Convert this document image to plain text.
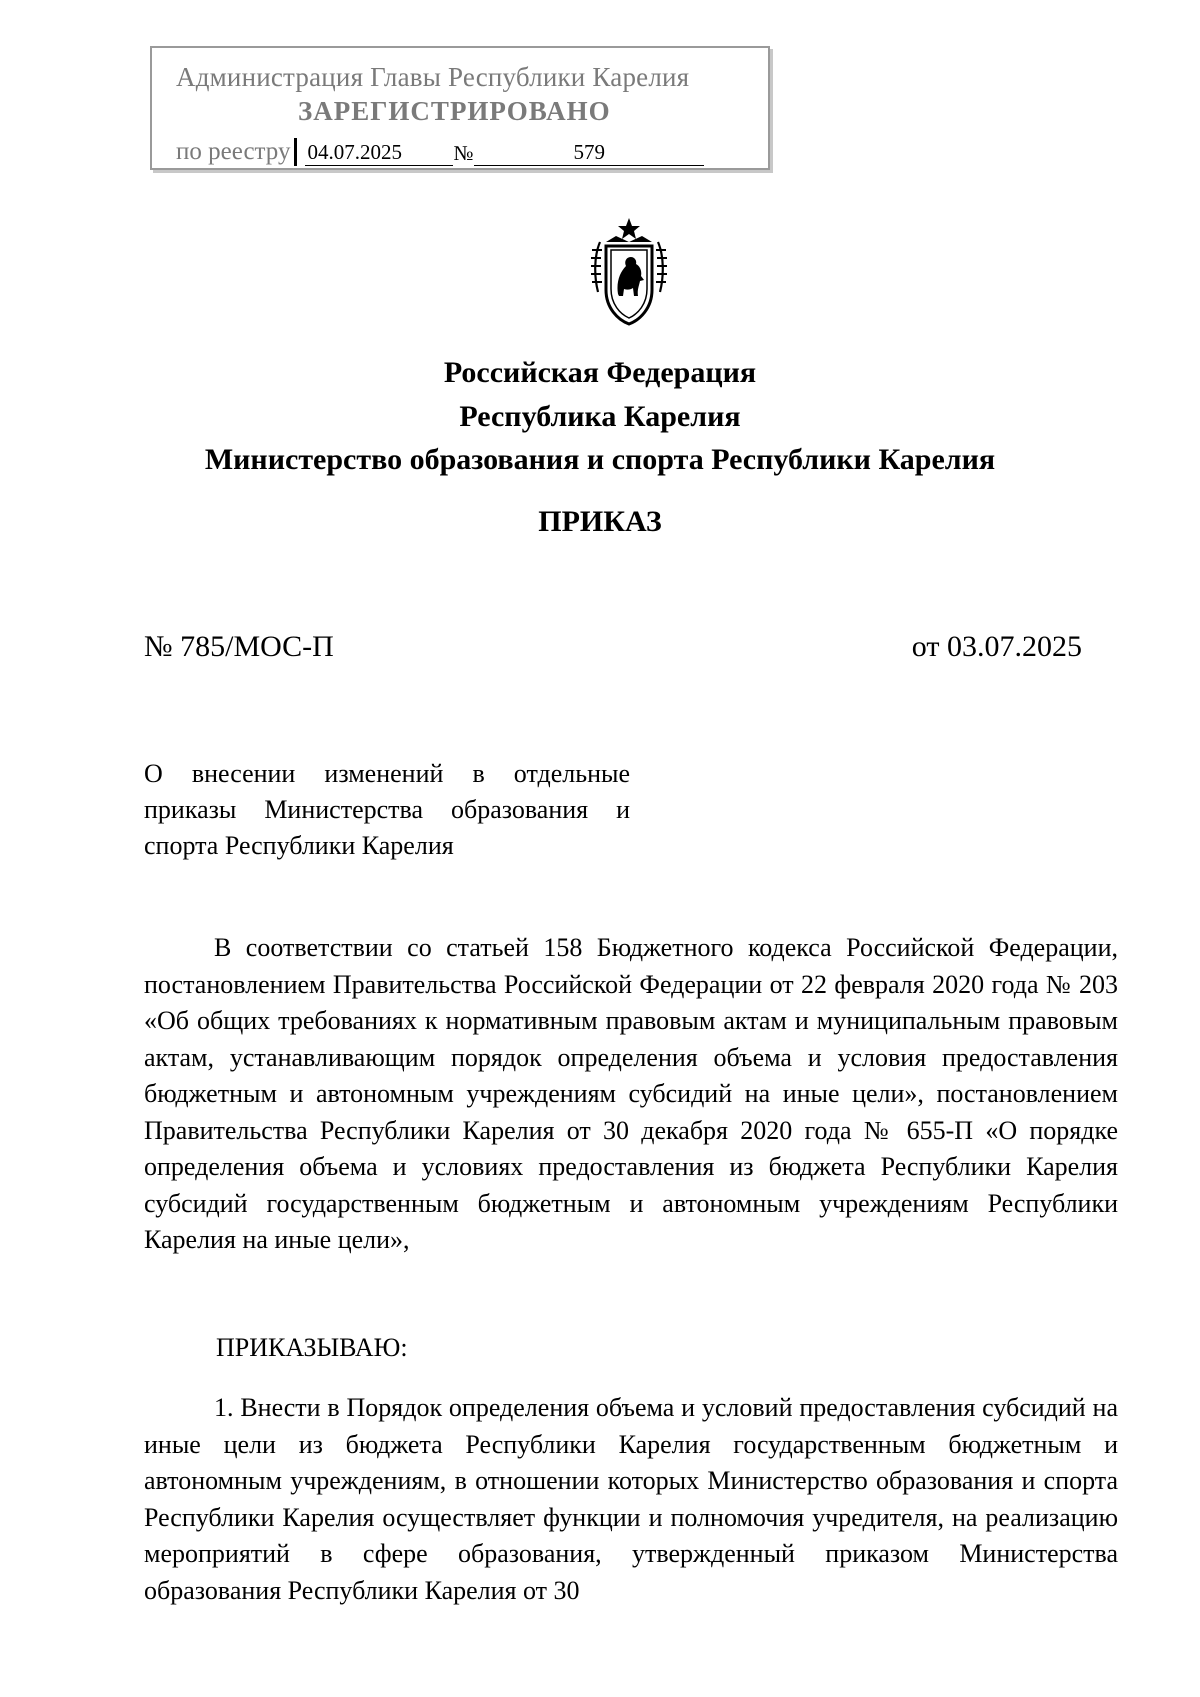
Администрация Главы Республики Карелия
ЗАРЕГИСТРИРОВАНО
по реестру 04.07.2025	№	579
Российская Федерация
Республика Карелия
Министерство образования и спорта Республики Карелия
ПРИКАЗ
№ 785/МОС-П	от 03.07.2025
О внесении изменений в отдельные приказы Министерства образования и спорта Республики Карелия
В соответствии со статьей 158 Бюджетного кодекса Российской Федерации, постановлением Правительства Российской Федерации от 22 февраля 2020 года № 203 «Об общих требованиях к нормативным правовым актам и муниципальным правовым актам, устанавливающим порядок определения объема и условия предоставления бюджетным и автономным учреждениям субсидий на иные цели», постановлением Правительства Республики Карелия от 30 декабря 2020 года № 655-П «О порядке определения объема и условиях предоставления из бюджета Республики Карелия субсидий государственным бюджетным и автономным учреждениям Республики Карелия на иные цели»,
ПРИКАЗЫВАЮ:
1. Внести в Порядок определения объема и условий предоставления субсидий на иные цели из бюджета Республики Карелия государственным бюджетным и автономным учреждениям, в отношении которых Министерство образования и спорта Республики Карелия осуществляет функции и полномочия учредителя, на реализацию мероприятий в сфере образования, утвержденный приказом Министерства образования Республики Карелия от 30
